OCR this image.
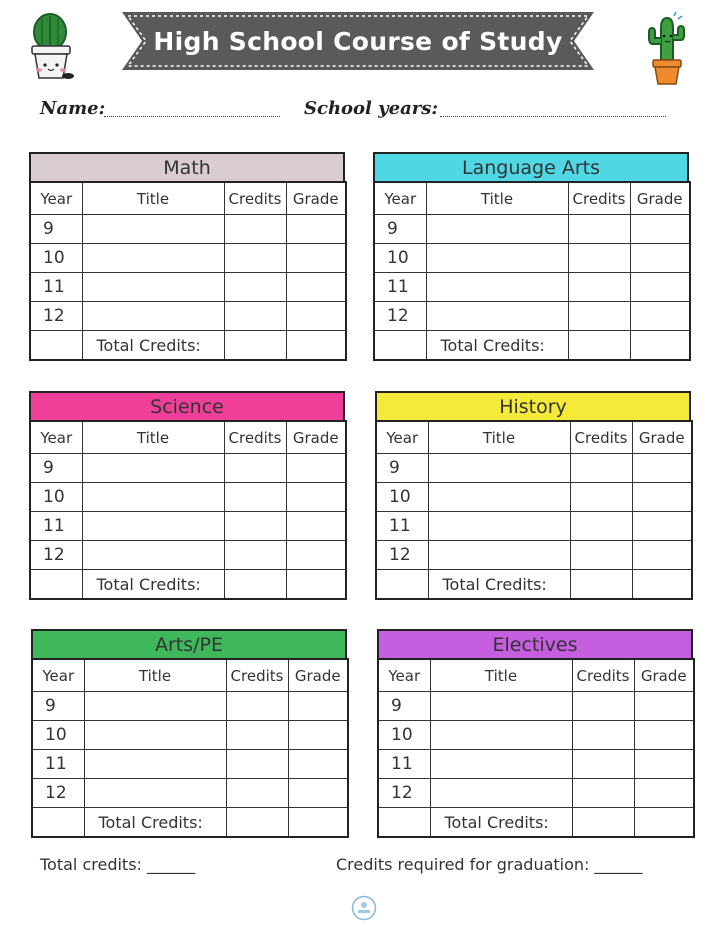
High School Course of Study
Name:	School years:
Math
Year	Title	Credits	Grade
9			
10			
11			
12			
	Total Credits:		
Language Arts
Year	Title	Credits	Grade
9			
10			
11			
12			
	Total Credits:		
Science
Year	Title	Credits	Grade
9			
10			
11			
12			
	Total Credits:		
History
Year	Title	Credits	Grade
9			
10			
11			
12			
	Total Credits:		
Arts/PE
Year	Title	Credits	Grade
9			
10			
11			
12			
	Total Credits:		
Electives
Year	Title	Credits	Grade
9			
10			
11			
12			
	Total Credits:		
Total credits: ______	Credits required for graduation: ______
